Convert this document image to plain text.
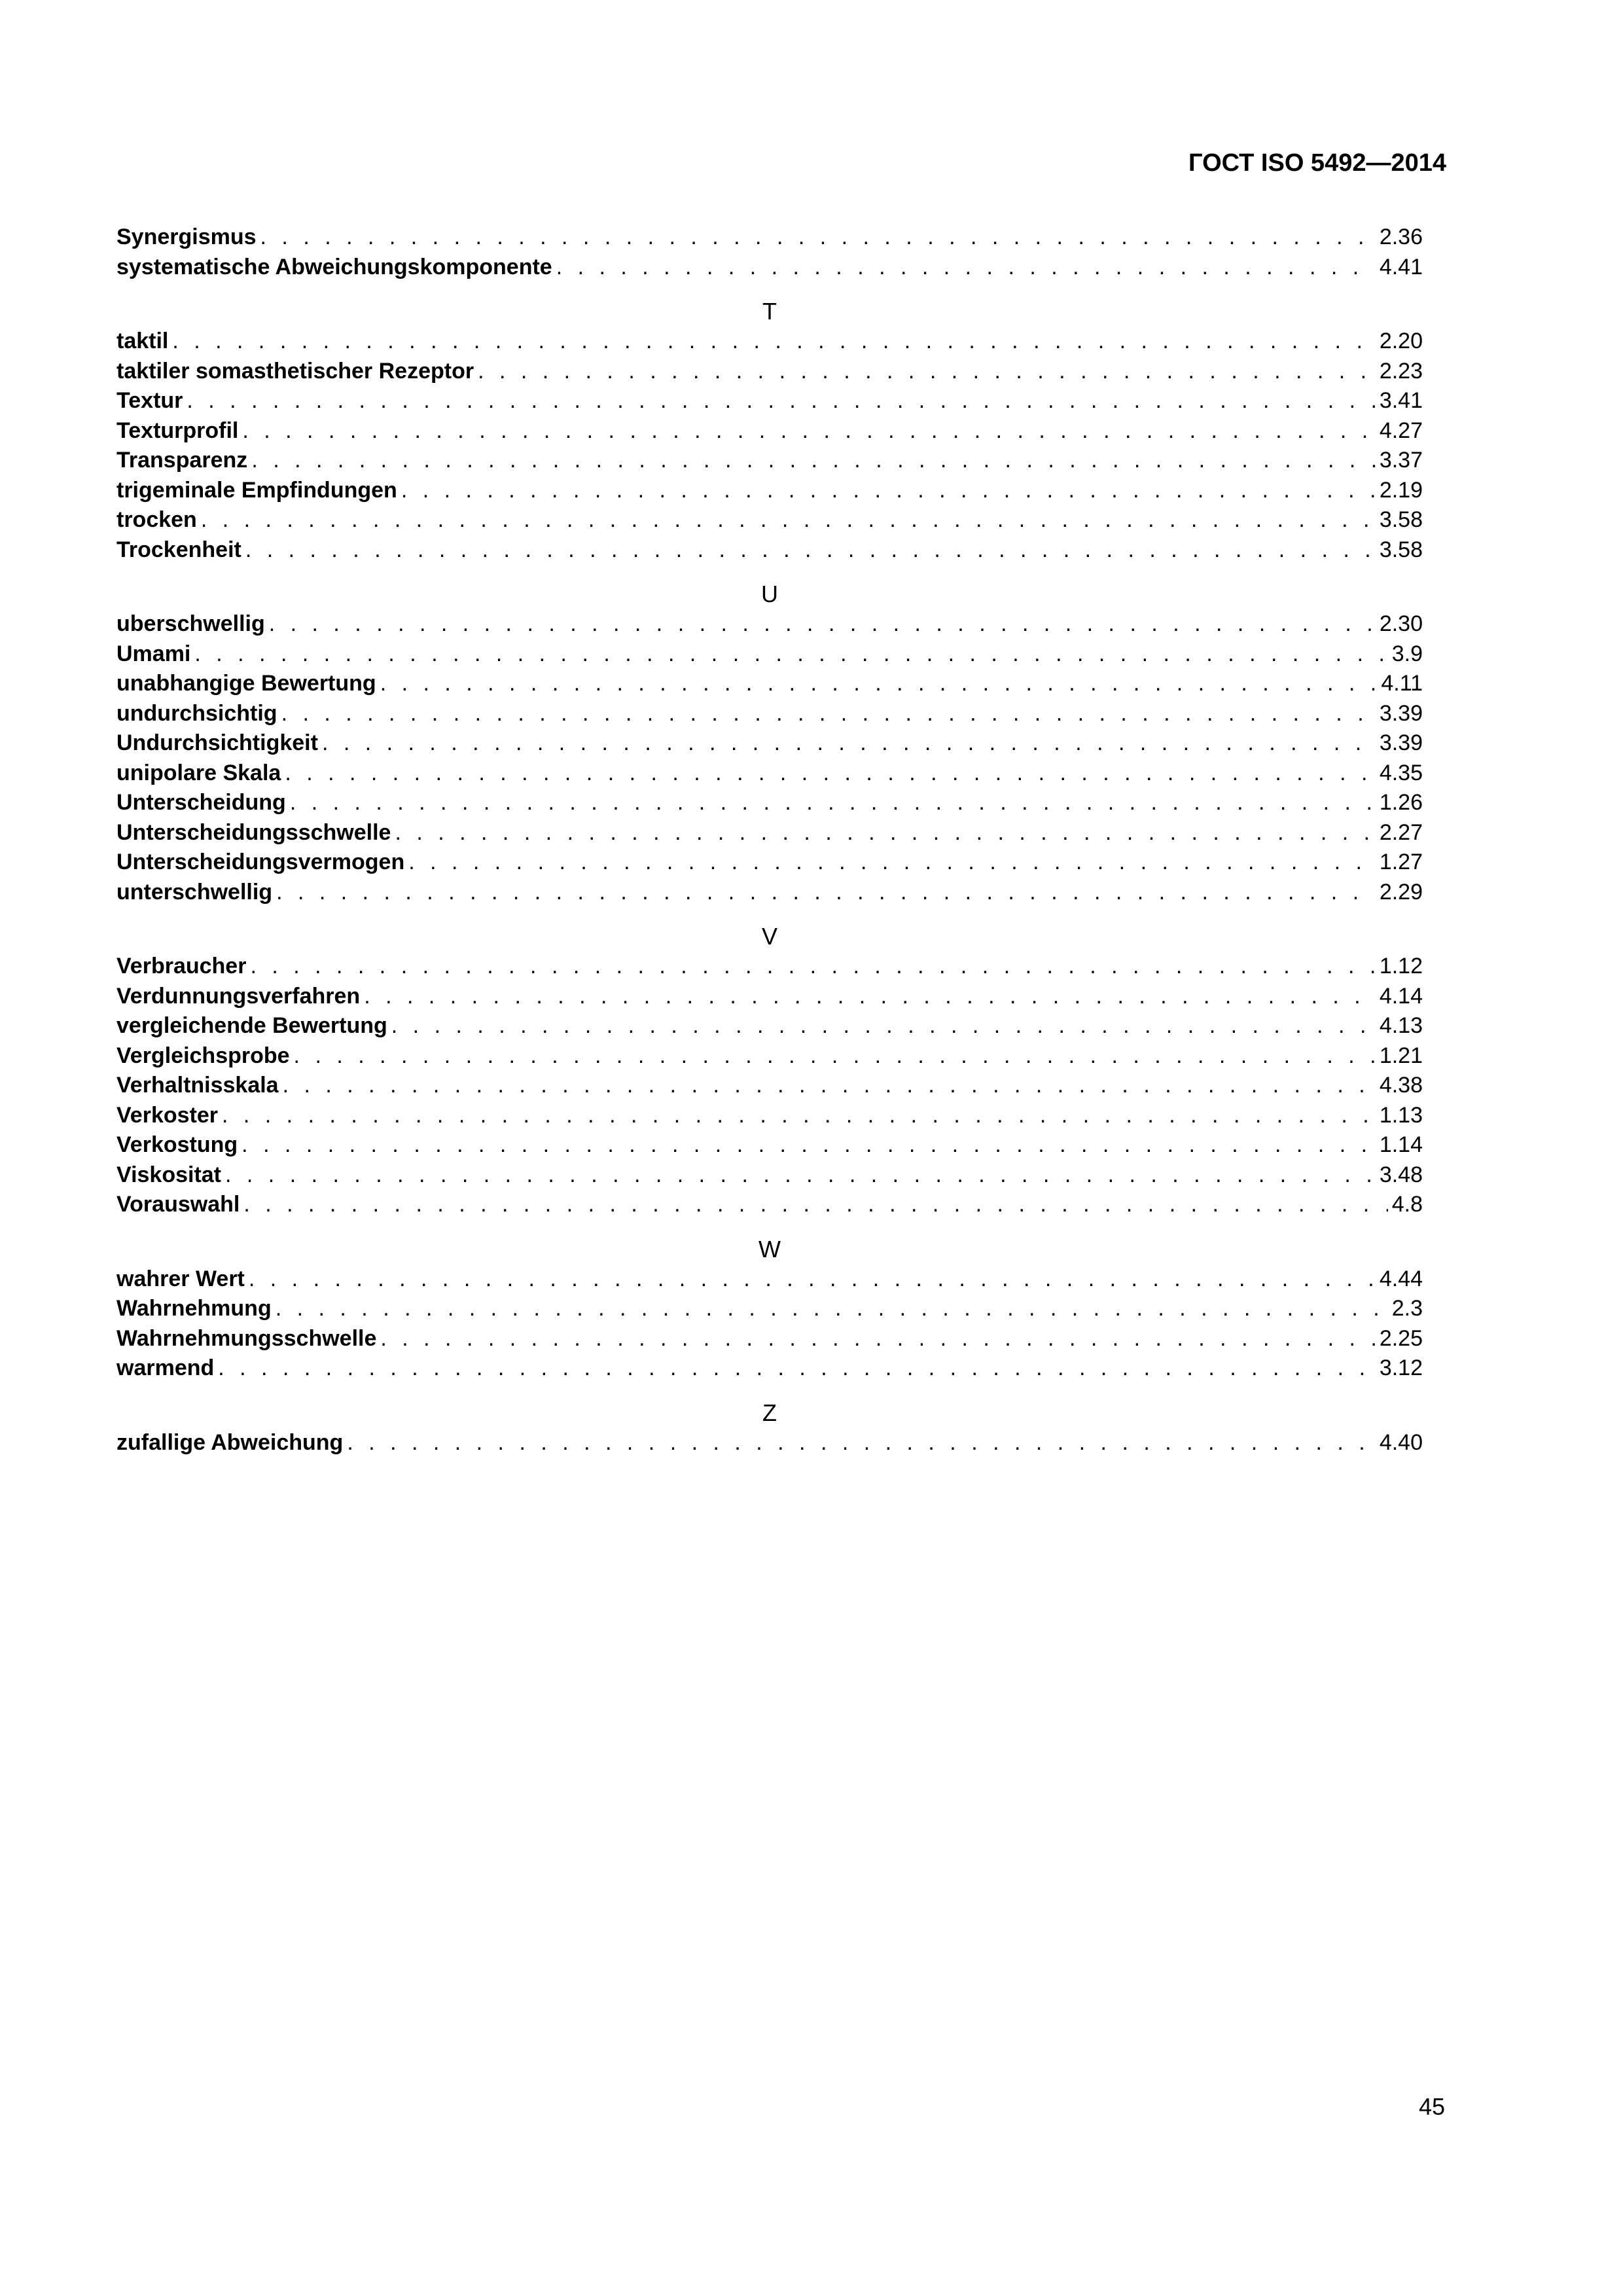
ГОСТ ISO 5492—2014
Synergismus . . .	2.36
systematische Abweichungskomponente . . .	4.41
T
taktil . . .	2.20
taktiler somasthetischer Rezeptor . . .	2.23
Textur . . .	3.41
Texturprofil . . .	4.27
Transparenz . . .	3.37
trigeminale Empfindungen . . .	2.19
trocken . . .	3.58
Trockenheit . . .	3.58
U
uberschwellig . . .	2.30
Umami . . .	3.9
unabhangige Bewertung . . .	4.11
undurchsichtig . . .	3.39
Undurchsichtigkeit . . .	3.39
unipolare Skala . . .	4.35
Unterscheidung . . .	1.26
Unterscheidungsschwelle . . .	2.27
Unterscheidungsvermogen . . .	1.27
unterschwellig . . .	2.29
V
Verbraucher . . .	1.12
Verdunnungsverfahren . . .	4.14
vergleichende Bewertung . . .	4.13
Vergleichsprobe . . .	1.21
Verhaltnisskala . . .	4.38
Verkoster . . .	1.13
Verkostung . . .	1.14
Viskositat . . .	3.48
Vorauswahl . . .	4.8
W
wahrer Wert . . .	4.44
Wahrnehmung . . .	2.3
Wahrnehmungsschwelle . . .	2.25
warmend . . .	3.12
Z
zufallige Abweichung . . .	4.40
45
